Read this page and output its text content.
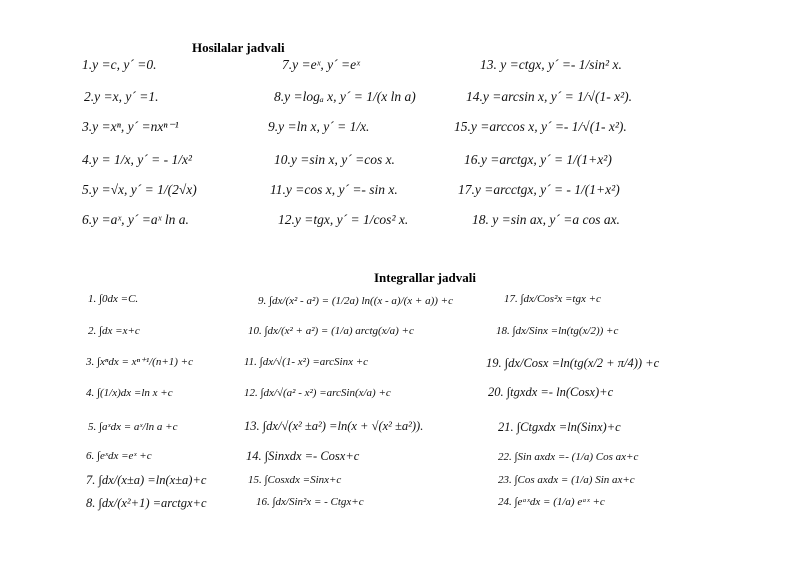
Hosilalar jadvali
1.y =c, y´ =0.
2.y =x, y´ =1.
3.y =xⁿ, y´ =nxⁿ⁻¹
4.y = 1/x, y´ = - 1/x²
5.y =√x, y´ = 1/(2√x)
6.y =aˣ, y´ =aˣ ln a.
7.y =eˣ, y´ =eˣ
8.y =logₐ x, y´ = 1/(x ln a)
9.y =ln x, y´ = 1/x.
10.y =sin x, y´ =cos x.
11.y =cos x, y´ =- sin x.
12.y =tgx, y´ = 1/cos² x.
13. y =ctgx, y´ =- 1/sin² x.
14.y =arcsin x, y´ = 1/√(1- x²).
15.y =arccos x, y´ =- 1/√(1- x²).
16.y =arctgx, y´ = 1/(1+x²)
17.y =arcctgx, y´ = - 1/(1+x²)
18. y =sin ax, y´ =a cos ax.
Integrallar jadvali
1. ∫0dx =C.
2. ∫dx =x+c
3. ∫xⁿdx = xⁿ⁺¹/(n+1) +c
4. ∫(1/x)dx =ln x +c
5. ∫aˣdx = aˣ/ln a +c
6. ∫eˣdx =eˣ +c
7. ∫dx/(x±a) =ln(x±a)+c
8. ∫dx/(x²+1) =arctgx+c
9. ∫dx/(x² - a²) = (1/2a) ln((x - a)/(x + a)) +c
10. ∫dx/(x² + a²) = (1/a) arctg(x/a) +c
11. ∫dx/√(1- x²) =arcSinx +c
12. ∫dx/√(a² - x²) =arcSin(x/a) +c
13. ∫dx/√(x² ±a²) =ln(x + √(x² ±a²)).
14. ∫Sinxdx =- Cosx+c
15. ∫Cosxdx =Sinx+c
16. ∫dx/Sin²x = - Ctgx+c
17. ∫dx/Cos²x =tgx +c
18. ∫dx/Sinx =ln(tg(x/2)) +c
19. ∫dx/Cosx =ln(tg(x/2 + π/4)) +c
20. ∫tgxdx =- ln(Cosx)+c
21. ∫Ctgxdx =ln(Sinx)+c
22. ∫Sin axdx =- (1/a) Cos ax+c
23. ∫Cos axdx = (1/a) Sin ax+c
24. ∫eᵃˣdx = (1/a) eᵃˣ +c
